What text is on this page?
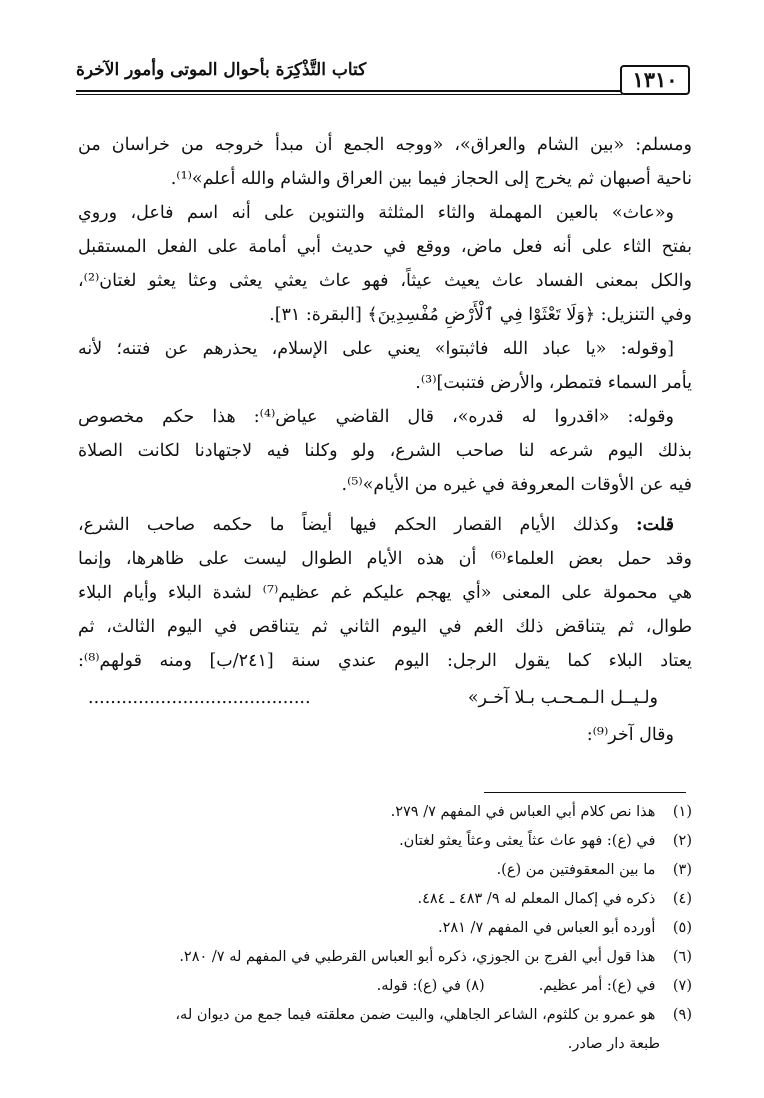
كتاب التَّذْكِرَة بأحوال الموتى وأمور الآخرة	١٣١٠
ومسلم: «بين الشام والعراق»، «ووجه الجمع أن مبدأ خروجه من خراسان من
ناحية أصبهان ثم يخرج إلى الحجاز فيما بين العراق والشام والله أعلم»⁽¹⁾.
و«عاث» بالعين المهملة والثاء المثلثة والتنوين على أنه اسم فاعل، وروي
بفتح الثاء على أنه فعل ماض، ووقع في حديث أبي أمامة على الفعل المستقبل
والكل بمعنى الفساد عاث يعيث عيثاً، فهو عاث يعثي يعثى وعثا يعثو لغتان⁽²⁾،
وفي التنزيل: ﴿وَلَا تَعْثَوْا فِي ٱلْأَرْضِ مُفْسِدِينَ﴾ [البقرة: ٣١].
[وقوله: «يا عباد الله فاثبتوا» يعني على الإسلام، يحذرهم عن فتنه؛ لأنه
يأمر السماء فتمطر، والأرض فتنبت]⁽³⁾.
وقوله: «اقدروا له قدره»، قال القاضي عياض⁽⁴⁾: هذا حكم مخصوص
بذلك اليوم شرعه لنا صاحب الشرع، ولو وكلنا فيه لاجتهادنا لكانت الصلاة
فيه عن الأوقات المعروفة في غيره من الأيام»⁽⁵⁾.
قلت: وكذلك الأيام القصار الحكم فيها أيضاً ما حكمه صاحب الشرع،
وقد حمل بعض العلماء⁽⁶⁾ أن هذه الأيام الطوال ليست على ظاهرها، وإنما
هي محمولة على المعنى «أي يهجم عليكم غم عظيم⁽⁷⁾ لشدة البلاء وأيام البلاء
طوال، ثم يتناقض ذلك الغم في اليوم الثاني ثم يتناقص في اليوم الثالث، ثم
يعتاد البلاء كما يقول الرجل: اليوم عندي سنة [٢٤١/ب] ومنه قولهم⁽⁸⁾:
ولـيــل الـمـحـب بـلا آخـر»
........................................
وقال آخر⁽⁹⁾:
(١) هذا نص كلام أبي العباس في المفهم ٧/ ٢٧٩.
(٢) في (ع): فهو عاث عثاً يعثى وعثاً يعثو لغتان.
(٣) ما بين المعقوفتين من (ع).
(٤) ذكره في إكمال المعلم له ٩/ ٤٨٣ ـ ٤٨٤.
(٥) أورده أبو العباس في المفهم ٧/ ٢٨١.
(٦) هذا قول أبي الفرج بن الجوزي، ذكره أبو العباس القرطبي في المفهم له ٧/ ٢٨٠.
(٧) في (ع): أمر عظيم.(٨) في (ع): قوله.
(٩) هو عمرو بن كلثوم، الشاعر الجاهلي، والبيت ضمن معلقته فيما جمع من ديوان له،
طبعة دار صادر.
